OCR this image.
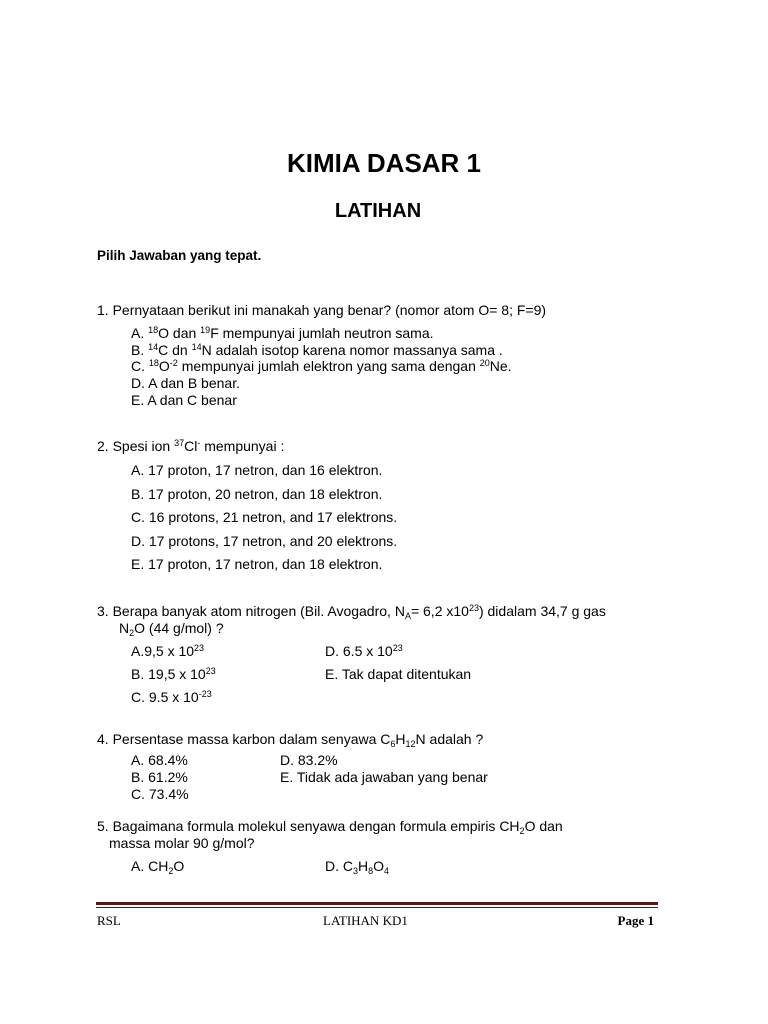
KIMIA DASAR 1
LATIHAN
Pilih Jawaban yang tepat.
1. Pernyataan berikut ini manakah yang benar? (nomor atom O= 8; F=9)
A. $^{18}$O dan $^{19}$F mempunyai jumlah neutron sama.
B. $^{14}$C dn $^{14}$N adalah isotop karena nomor massanya sama .
C. $^{18}O^{-2}$ mempunyai jumlah elektron yang sama dengan $^{20}$Ne.
D. A dan B benar.
E. A dan C benar
2. Spesi ion $^{37}$Cl- mempunyai :
A. 17 proton, 17 netron, dan 16 elektron.
B. 17 proton, 20 netron, dan 18 elektron.
C. 16 protons, 21 netron, and 17 elektrons.
D. 17 protons, 17 netron, and 20 elektrons.
E. 17 proton, 17 netron, dan 18 elektron.
3. Berapa banyak atom nitrogen (Bil. Avogadro, $N_A= 6,2$ $x10^{23}$) didalam 34,7 g gas
$N_2O$ (44 g/mol) ?
A.9,5 x $10^{23}$	D. 6.5 x $10^{23}$
B. 19,5 x $10^{23}$	E. Tak dapat ditentukan
C. 9.5 x $10^{-23}$
4. Persentase massa karbon dalam senyawa $C_6H_{12}N$ adalah ?
A. 68.4%	D. 83.2%
B. 61.2%	E. Tidak ada jawaban yang benar
C. 73.4%
5. Bagaimana formula molekul senyawa dengan formula empiris $CH_2O$ dan
massa molar 90 g/mol?
A. $CH_2O$	D. $C_3H_8O_4$
RSL	LATIHAN KD1	Page 1
